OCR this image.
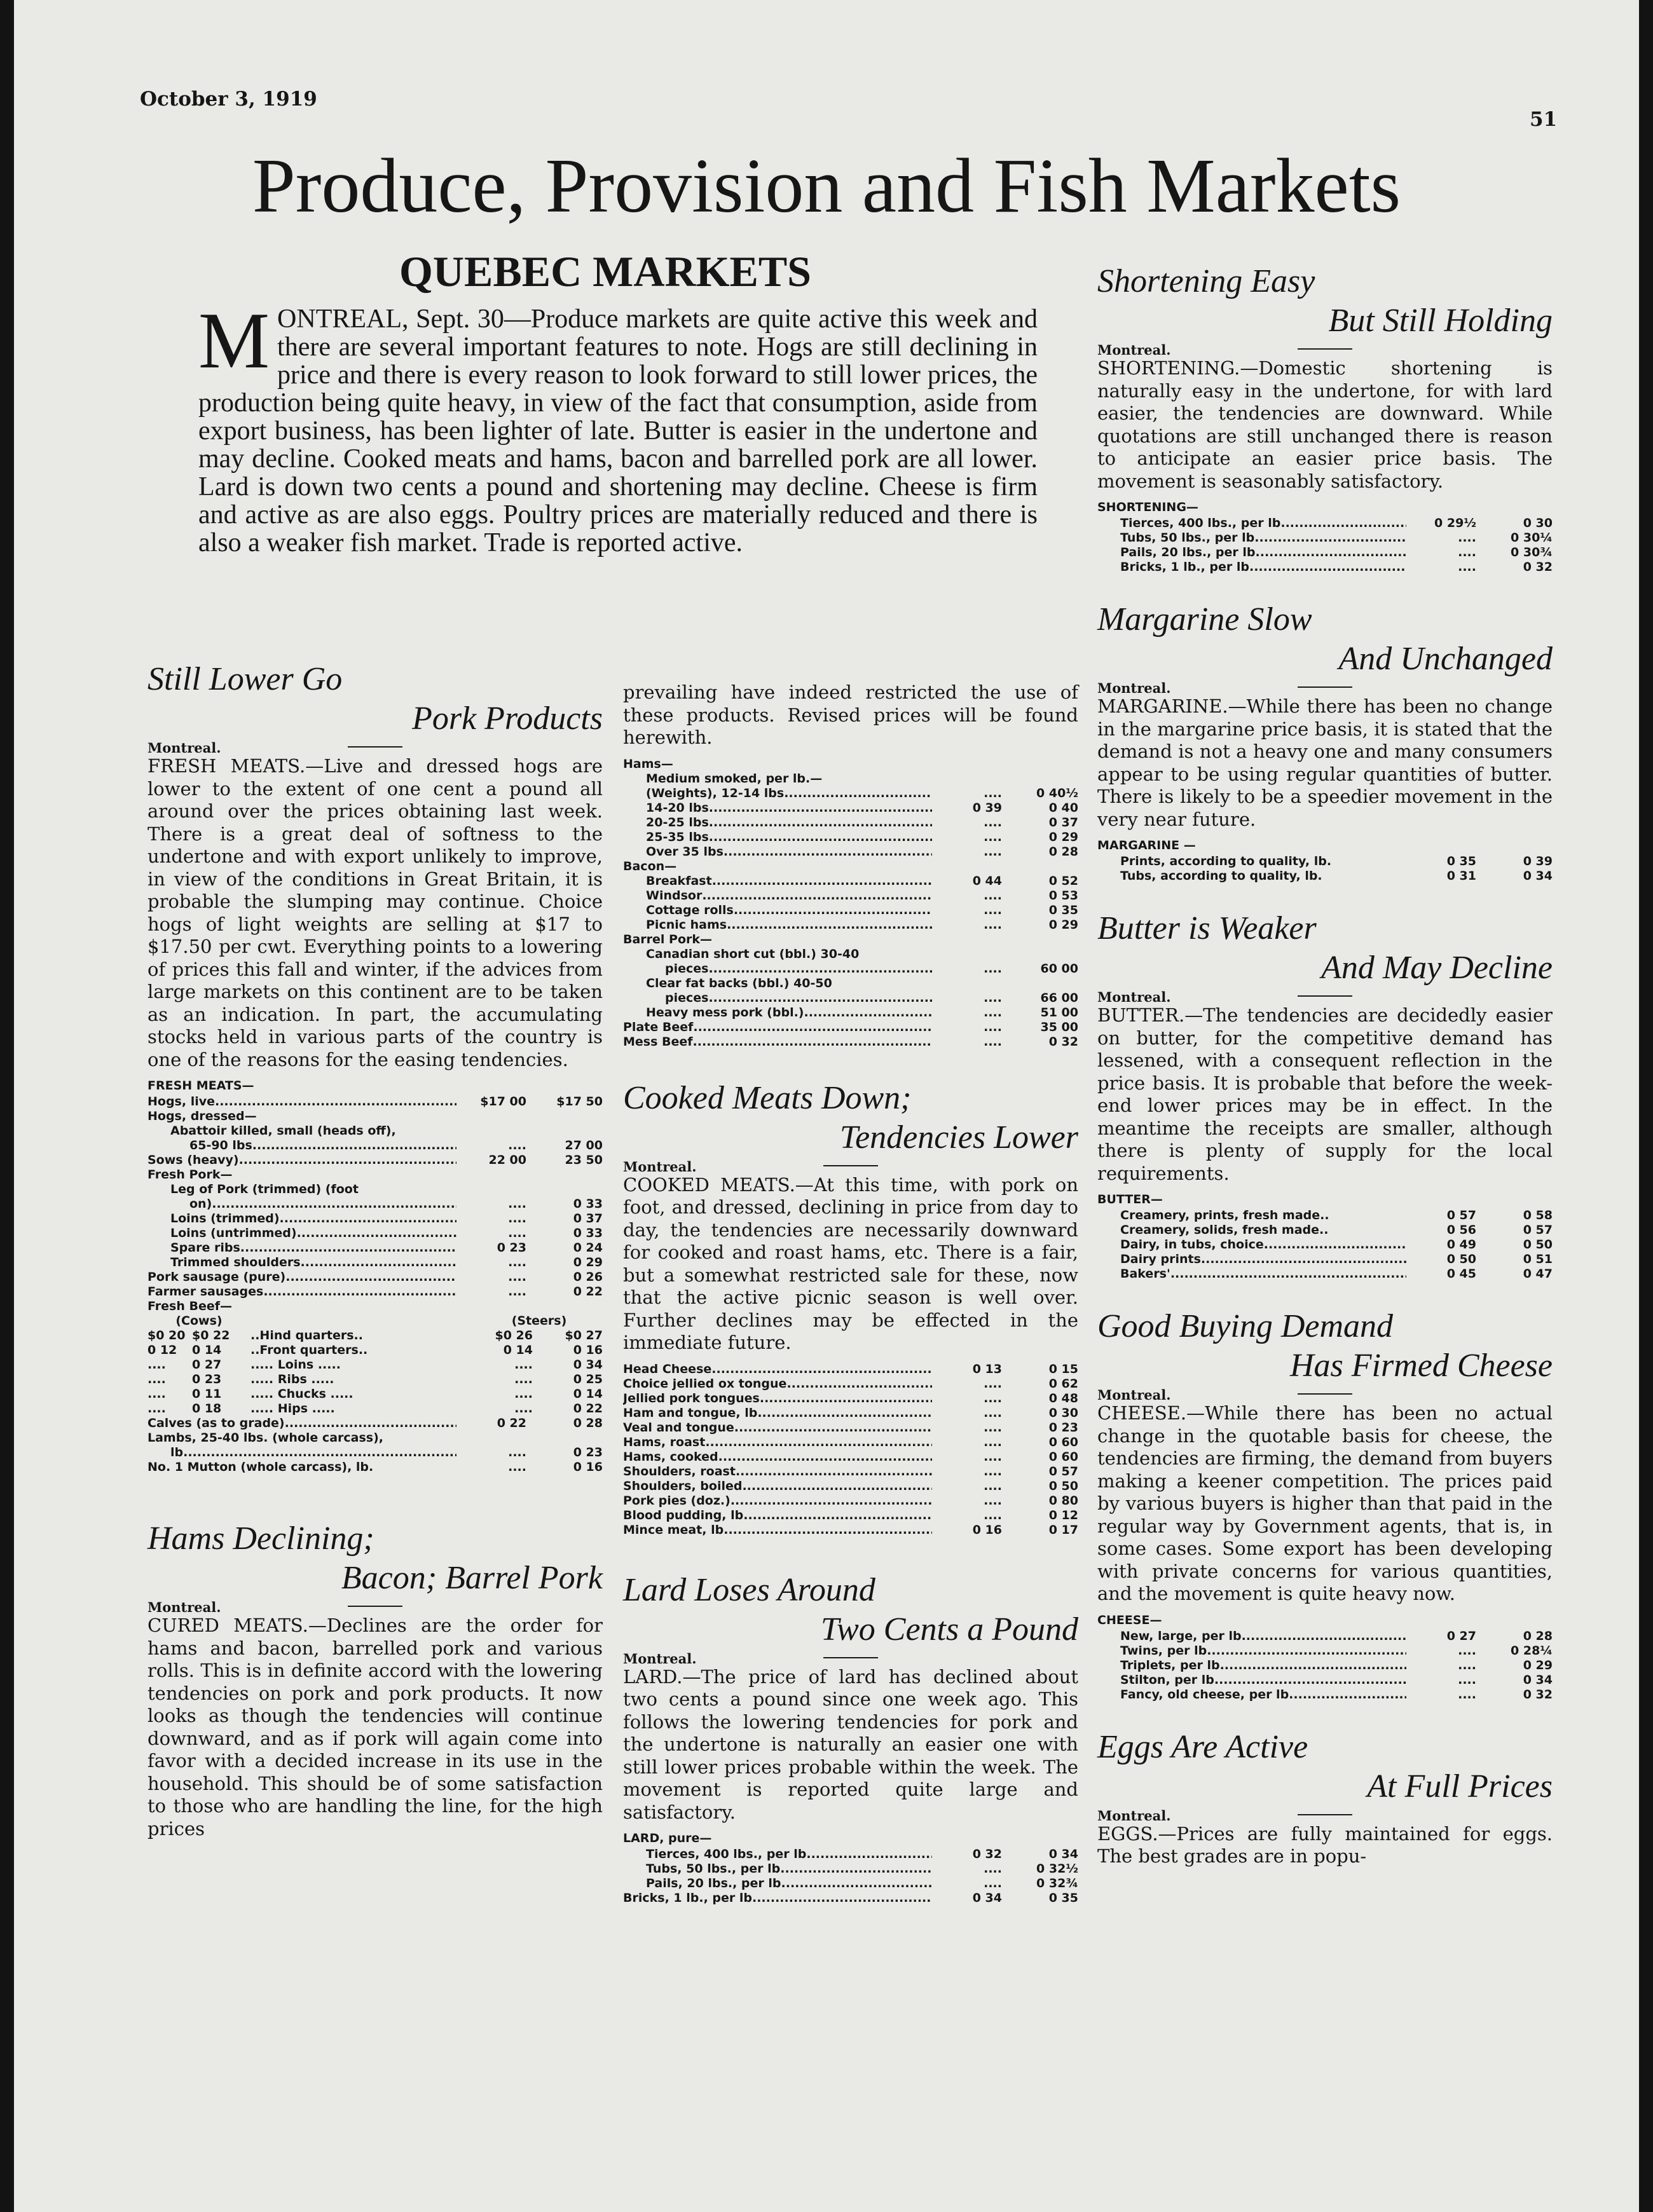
October 3, 1919
51
Produce, Provision and Fish Markets
QUEBEC MARKETS
MONTREAL, Sept. 30—Produce markets are quite active this week and there are several important features to note. Hogs are still declining in price and there is every reason to look forward to still lower prices, the production being quite heavy, in view of the fact that consumption, aside from export business, has been lighter of late. Butter is easier in the undertone and may decline. Cooked meats and hams, bacon and barrelled pork are all lower. Lard is down two cents a pound and shortening may decline. Cheese is firm and active as are also eggs. Poultry prices are materially reduced and there is also a weaker fish market. Trade is reported active.
Still Lower Go
Pork Products
Montreal.
FRESH MEATS.—Live and dressed hogs are lower to the extent of one cent a pound all around over the prices obtaining last week. There is a great deal of softness to the undertone and with export unlikely to improve, in view of the conditions in Great Britain, it is probable the slumping may continue. Choice hogs of light weights are selling at $17 to $17.50 per cwt. Everything points to a lowering of prices this fall and winter, if the advices from large markets on this continent are to be taken as an indication. In part, the accumulating stocks held in various parts of the country is one of the reasons for the easing tendencies.
FRESH MEATS—
Hogs, live .....	$17 00	$17 50
Hogs, dressed—
Abattoir killed, small (heads off),
65-90 lbs. .....	....	27 00
Sows (heavy) .....	22 00	23 50
Fresh Pork—
Leg of Pork (trimmed) (foot
on) .....	....	0 33
Loins (trimmed) .....	....	0 37
Loins (untrimmed) .....	....	0 33
Spare ribs .....	0 23	0 24
Trimmed shoulders .....	....	0 29
Pork sausage (pure) .....	....	0 26
Farmer sausages .....	....	0 22
Fresh Beef—
(Cows)	(Steers)
$0 20 $0 22	..Hind quarters..	$0 26	$0 27
0 12	0 14	..Front quarters..	0 14	0 16
....	0 27	..... Loins .....	....	0 34
....	0 23	..... Ribs .....	....	0 25
....	0 11	..... Chucks .....	....	0 14
....	0 18	..... Hips .....	....	0 22
Calves (as to grade) .....	0 22	0 28
Lambs, 25-40 lbs. (whole carcass),
lb. .....	....	0 23
No. 1 Mutton (whole carcass), lb.	....	0 16
Hams Declining;
Bacon; Barrel Pork
Montreal.
CURED MEATS.—Declines are the order for hams and bacon, barrelled pork and various rolls. This is in definite accord with the lowering tendencies on pork and pork products. It now looks as though the tendencies will continue downward, and as if pork will again come into favor with a decided increase in its use in the household. This should be of some satisfaction to those who are handling the line, for the high prices
prevailing have indeed restricted the use of these products. Revised prices will be found herewith.
Hams—
Medium smoked, per lb.—
(Weights), 12-14 lbs. .....	....	0 40½
14-20 lbs. .....	0 39	0 40
20-25 lbs. .....	....	0 37
25-35 lbs. .....	....	0 29
Over 35 lbs. .....	....	0 28
Bacon—
Breakfast .....	0 44	0 52
Windsor .....	....	0 53
Cottage rolls .....	....	0 35
Picnic hams .....	....	0 29
Barrel Pork—
Canadian short cut (bbl.) 30-40
pieces .....	....	60 00
Clear fat backs (bbl.) 40-50
pieces .....	....	66 00
Heavy mess pork (bbl.) .....	....	51 00
Plate Beef .....	....	35 00
Mess Beef .....	....	0 32
Cooked Meats Down;
Tendencies Lower
Montreal.
COOKED MEATS.—At this time, with pork on foot, and dressed, declining in price from day to day, the tendencies are necessarily downward for cooked and roast hams, etc. There is a fair, but a somewhat restricted sale for these, now that the active picnic season is well over. Further declines may be effected in the immediate future.
Head Cheese .....	0 13	0 15
Choice jellied ox tongue .....	....	0 62
Jellied pork tongues .....	....	0 48
Ham and tongue, lb. .....	....	0 30
Veal and tongue .....	....	0 23
Hams, roast .....	....	0 60
Hams, cooked .....	....	0 60
Shoulders, roast .....	....	0 57
Shoulders, boiled .....	....	0 50
Pork pies (doz.) .....	....	0 80
Blood pudding, lb. .....	....	0 12
Mince meat, lb. .....	0 16	0 17
Lard Loses Around
Two Cents a Pound
Montreal.
LARD.—The price of lard has declined about two cents a pound since one week ago. This follows the lowering tendencies for pork and the undertone is naturally an easier one with still lower prices probable within the week. The movement is reported quite large and satisfactory.
LARD, pure—
Tierces, 400 lbs., per lb. .....	0 32	0 34
Tubs, 50 lbs., per lb. .....	....	0 32½
Pails, 20 lbs., per lb. .....	....	0 32¾
Bricks, 1 lb., per lb. .....	0 34	0 35
Shortening Easy
But Still Holding
Montreal.
SHORTENING.—Domestic shortening is naturally easy in the undertone, for with lard easier, the tendencies are downward. While quotations are still unchanged there is reason to anticipate an easier price basis. The movement is seasonably satisfactory.
SHORTENING—
Tierces, 400 lbs., per lb. .....	0 29½	0 30
Tubs, 50 lbs., per lb. .....	....	0 30¼
Pails, 20 lbs., per lb. .....	....	0 30¾
Bricks, 1 lb., per lb. .....	....	0 32
Margarine Slow
And Unchanged
Montreal.
MARGARINE.—While there has been no change in the margarine price basis, it is stated that the demand is not a heavy one and many consumers appear to be using regular quantities of butter. There is likely to be a speedier movement in the very near future.
MARGARINE —
Prints, according to quality, lb.	0 35	0 39
Tubs, according to quality, lb.	0 31	0 34
Butter is Weaker
And May Decline
Montreal.
BUTTER.—The tendencies are decidedly easier on butter, for the competitive demand has lessened, with a consequent reflection in the price basis. It is probable that before the week-end lower prices may be in effect. In the meantime the receipts are smaller, although there is plenty of supply for the local requirements.
BUTTER—
Creamery, prints, fresh made..	0 57	0 58
Creamery, solids, fresh made..	0 56	0 57
Dairy, in tubs, choice .....	0 49	0 50
Dairy prints .....	0 50	0 51
Bakers' .....	0 45	0 47
Good Buying Demand
Has Firmed Cheese
Montreal.
CHEESE.—While there has been no actual change in the quotable basis for cheese, the tendencies are firming, the demand from buyers making a keener competition. The prices paid by various buyers is higher than that paid in the regular way by Government agents, that is, in some cases. Some export has been developing with private concerns for various quantities, and the movement is quite heavy now.
CHEESE—
New, large, per lb. .....	0 27	0 28
Twins, per lb. .....	....	0 28¼
Triplets, per lb. .....	....	0 29
Stilton, per lb. .....	....	0 34
Fancy, old cheese, per lb. .....	....	0 32
Eggs Are Active
At Full Prices
Montreal.
EGGS.—Prices are fully maintained for eggs. The best grades are in popu-
